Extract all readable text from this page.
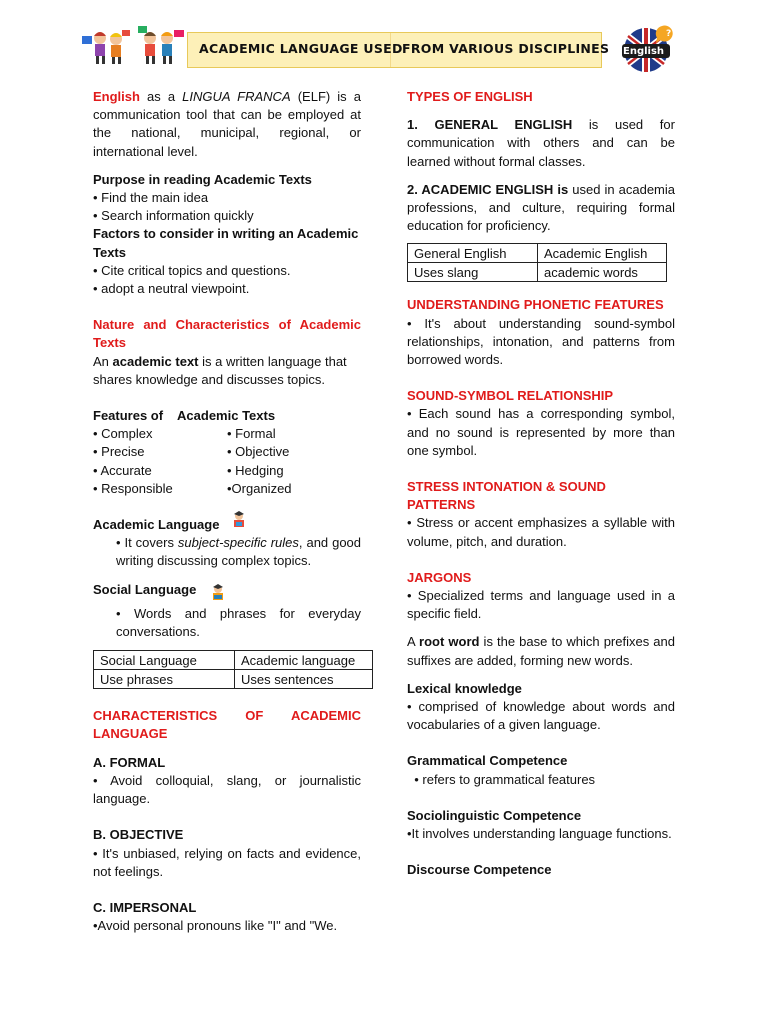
ACADEMIC LANGUAGE USED FROM VARIOUS DISCIPLINES
?
English

English as a LINGUA FRANCA (ELF) is a communication tool that can be employed at the national, municipal, regional, or international level.

Purpose in reading Academic Texts

• Find the main idea

• Search information quickly

Factors to consider in writing an Academic Texts

• Cite critical topics and questions.

• adopt a neutral viewpoint.

Nature and Characteristics of Academic Texts

An academic text is a written language that shares knowledge and discusses topics.

Features of    Academic Texts

• Complex

• Precise

• Accurate

• Responsible

• Formal

• Objective

• Hedging

•Organized

Academic Language

• It covers subject-specific rules, and good writing discussing complex topics.

Social Language

• Words and phrases for everyday conversations.

Social Language	Academic language
Use phrases	Uses sentences

CHARACTERISTICS OF ACADEMIC LANGUAGE

A. FORMAL

• Avoid colloquial, slang, or journalistic language.

B. OBJECTIVE

• It's unbiased, relying on facts and evidence, not feelings.

C. IMPERSONAL

•Avoid personal pronouns like "I" and "We.

TYPES OF ENGLISH

1. GENERAL ENGLISH is used for communication with others and can be learned without formal classes.

2. ACADEMIC ENGLISH is used in academia professions, and culture, requiring formal education for proficiency.

General English	Academic English
Uses slang	academic words

UNDERSTANDING PHONETIC FEATURES

• It's about understanding sound-symbol relationships, intonation, and patterns from borrowed words.

SOUND-SYMBOL RELATIONSHIP

• Each sound has a corresponding symbol, and no sound is represented by more than one symbol.

STRESS INTONATION & SOUND PATTERNS

• Stress or accent emphasizes a syllable with volume, pitch, and duration.

JARGONS

• Specialized terms and language used in a specific field.

A root word is the base to which prefixes and suffixes are added, forming new words.

Lexical knowledge

• comprised of knowledge about words and vocabularies of a given language.

Grammatical Competence

• refers to grammatical features

Sociolinguistic Competence

•It involves understanding language functions.

Discourse Competence
